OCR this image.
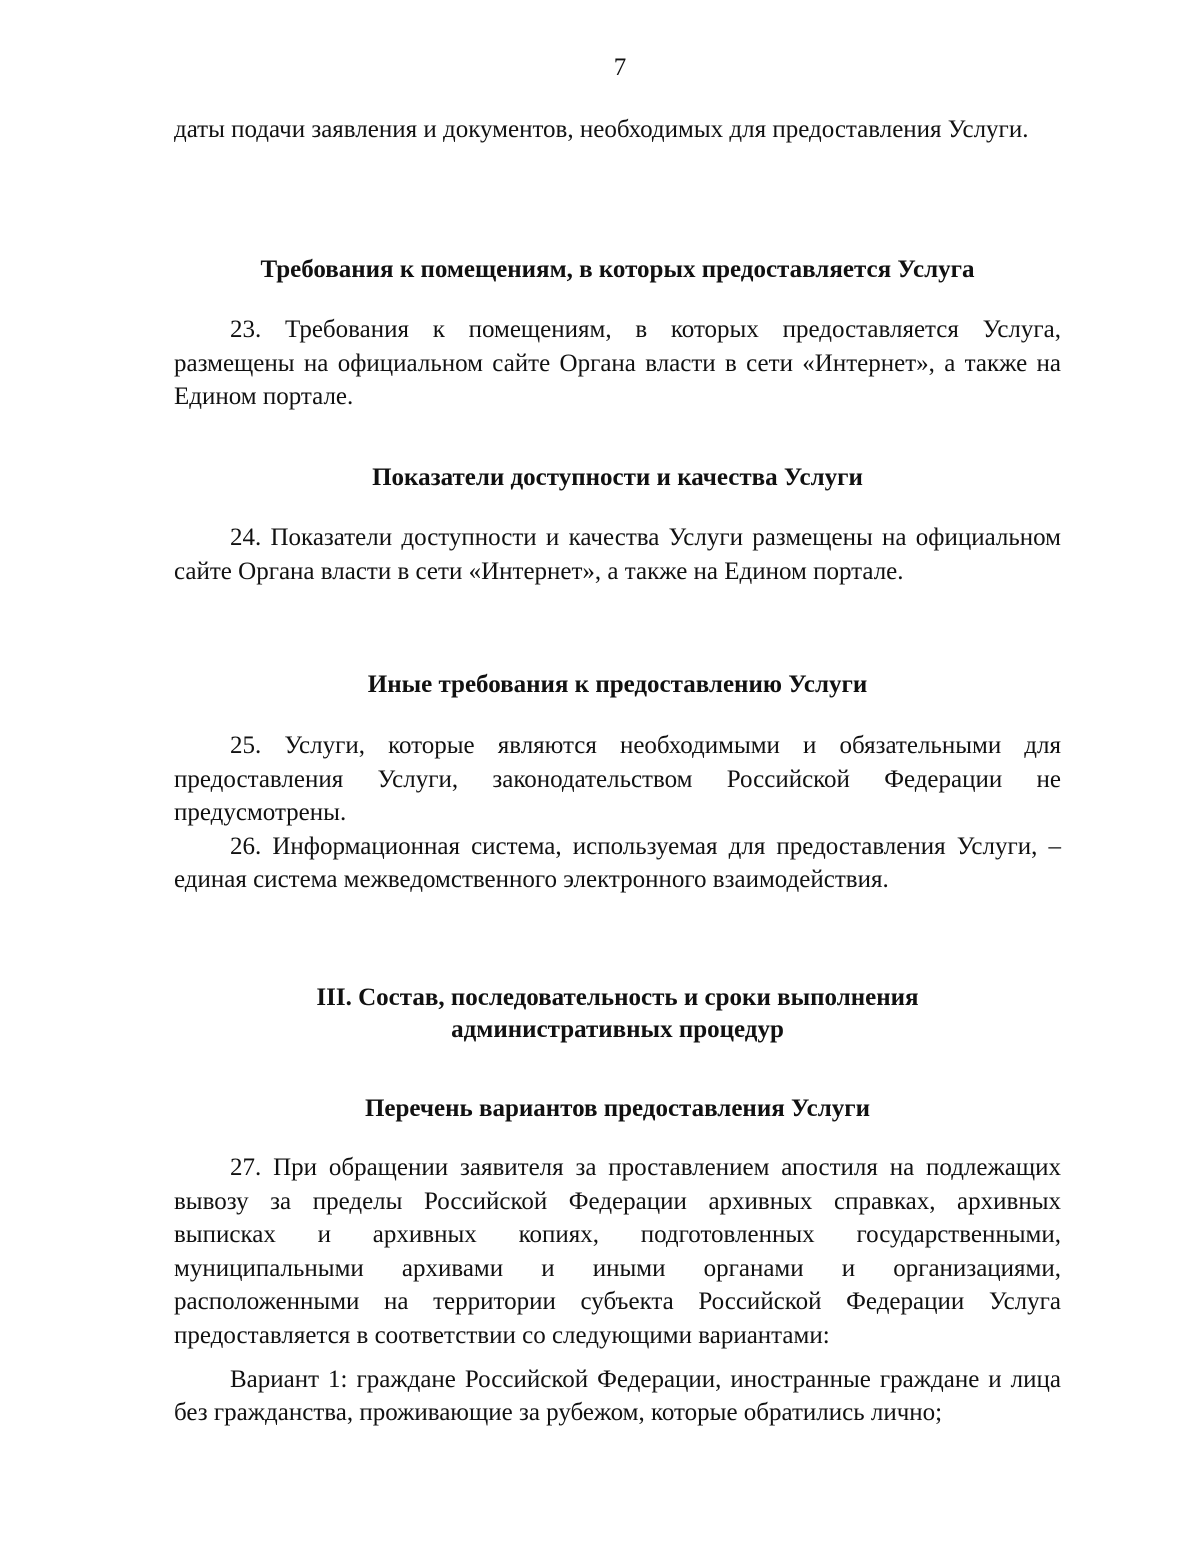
7

даты подачи заявления и документов, необходимых для предоставления Услуги.

Требования к помещениям, в которых предоставляется Услуга

23. Требования к помещениям, в которых предоставляется Услуга, размещены на официальном сайте Органа власти в сети «Интернет», а также на Едином портале.

Показатели доступности и качества Услуги

24. Показатели доступности и качества Услуги размещены на официальном сайте Органа власти в сети «Интернет», а также на Едином портале.

Иные требования к предоставлению Услуги

25. Услуги, которые являются необходимыми и обязательными для предоставления Услуги, законодательством Российской Федерации не предусмотрены.

26. Информационная система, используемая для предоставления Услуги, – единая система межведомственного электронного взаимодействия.

III. Состав, последовательность и сроки выполнения
административных процедур
Перечень вариантов предоставления Услуги

27. При обращении заявителя за проставлением апостиля на подлежащих вывозу за пределы Российской Федерации архивных справках, архивных выписках и архивных копиях, подготовленных государственными, муниципальными архивами и иными органами и организациями, расположенными на территории субъекта Российской Федерации Услуга предоставляется в соответствии со следующими вариантами:

Вариант 1: граждане Российской Федерации, иностранные граждане и лица без гражданства, проживающие за рубежом, которые обратились лично;
